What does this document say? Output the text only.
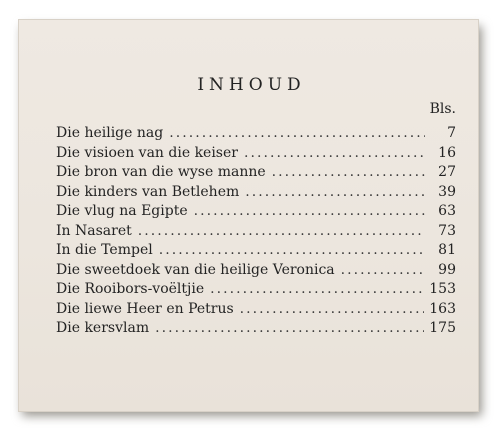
INHOUD
Bls.
Die heilige nag . . .	7
Die visioen van die keiser . . .	16
Die bron van die wyse manne . . .	27
Die kinders van Betlehem . . .	39
Die vlug na Egipte . . .	63
In Nasaret . . .	73
In die Tempel . . .	81
Die sweetdoek van die heilige Veronica . . .	99
Die Rooibors-voëltjie . . .	153
Die liewe Heer en Petrus . . .	163
Die kersvlam . . .	175
